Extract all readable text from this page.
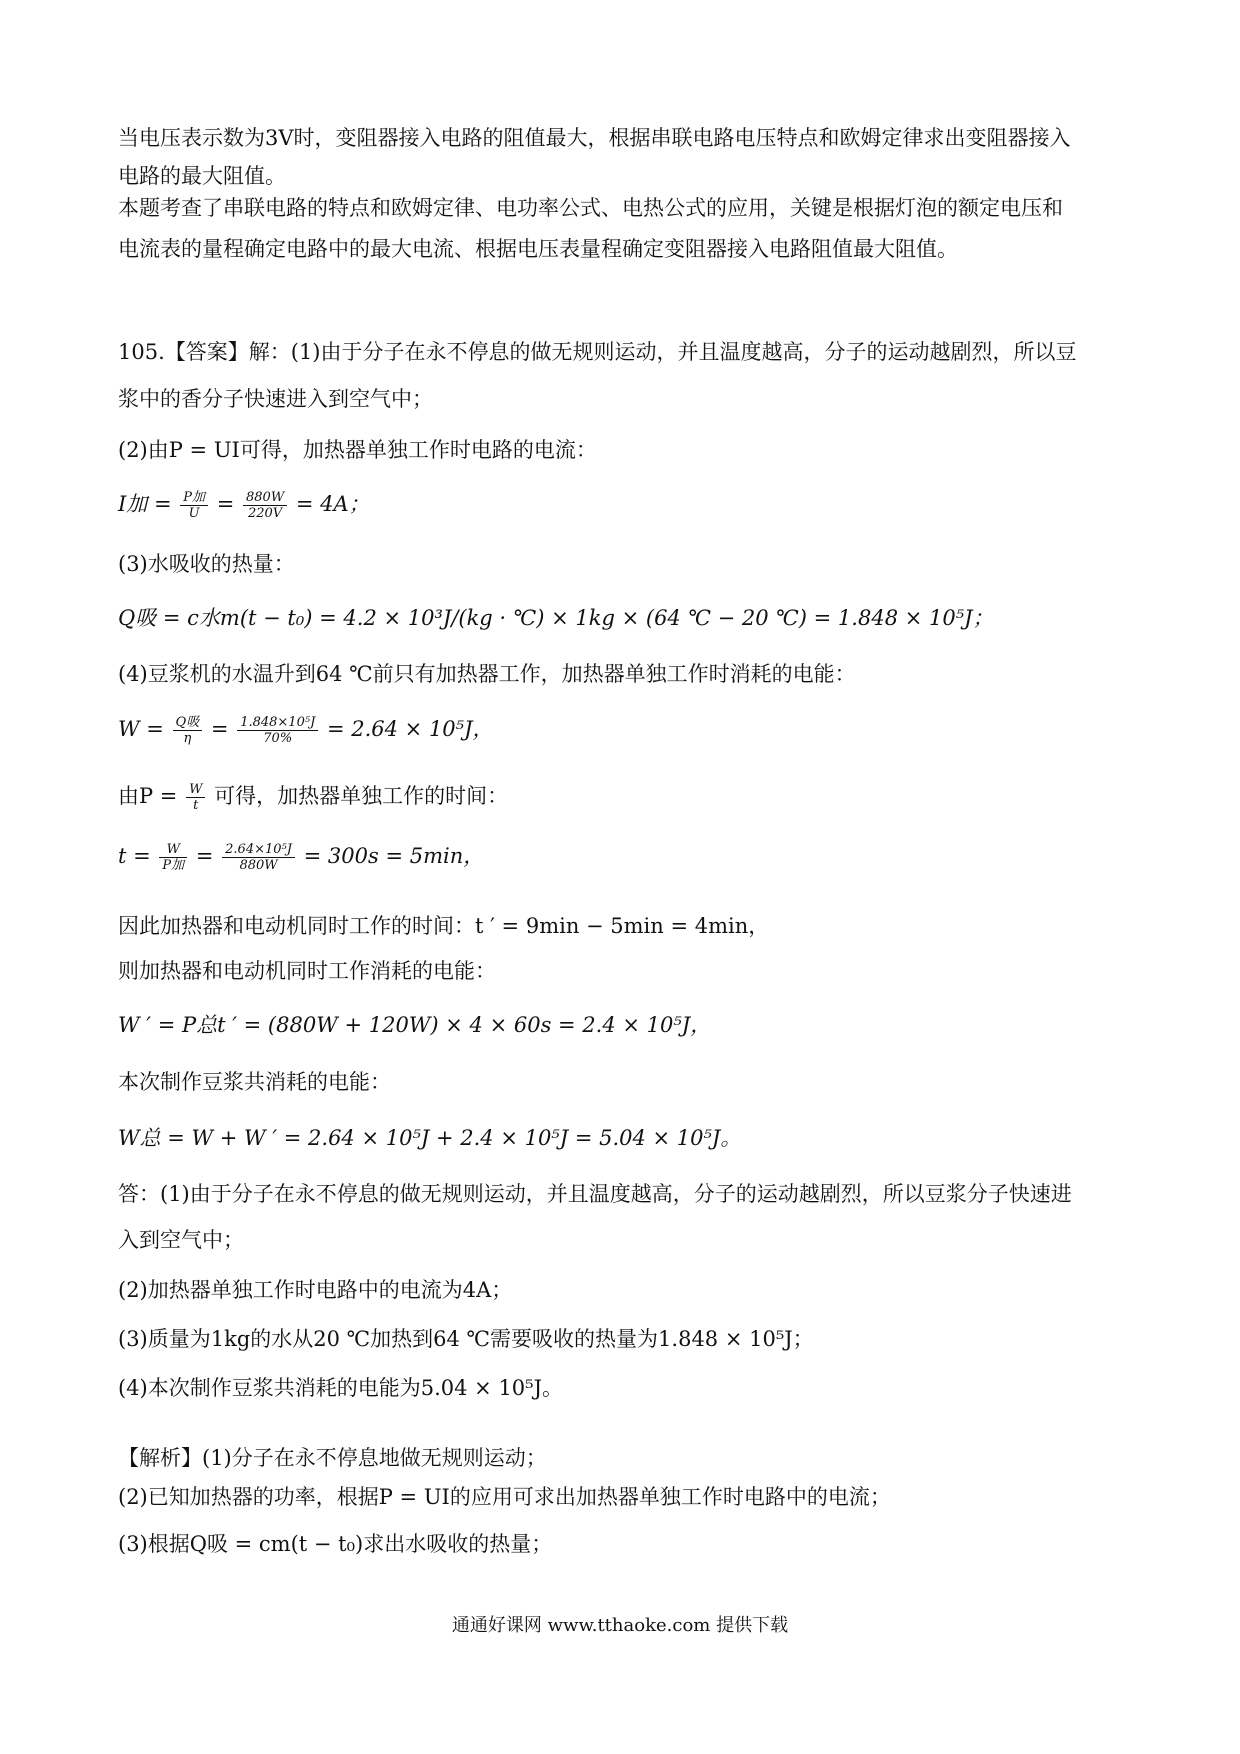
当电压表示数为3V时，变阻器接入电路的阻值最大，根据串联电路电压特点和欧姆定律求出变阻器接入
电路的最大阻值。
本题考查了串联电路的特点和欧姆定律、电功率公式、电热公式的应用，关键是根据灯泡的额定电压和
电流表的量程确定电路中的最大电流、根据电压表量程确定变阻器接入电路阻值最大阻值。
105.【答案】解：(1)由于分子在永不停息的做无规则运动，并且温度越高，分子的运动越剧烈，所以豆
浆中的香分子快速进入到空气中；
(2)由P = UI可得，加热器单独工作时电路的电流：
I加 = $\frac{\text{P加}}{U} = \frac{880W}{220V} = 4A$；
(3)水吸收的热量：
Q吸 = c水m(t − t₀) = 4.2 × 10³J/(kg · ℃) × 1kg × (64 ℃ − 20 ℃) = 1.848 × 10⁵J；
(4)豆浆机的水温升到64 ℃前只有加热器工作，加热器单独工作时消耗的电能：
$W = \frac{\text{Q吸}}{\eta} = \frac{\text{1.848×10⁵J}}{70\%} = 2.64 \times 10^5J$，
由$P = \frac{W}{t}$ 可得，加热器单独工作的时间：
$t = \frac{W}{\text{P加}} = \frac{\text{2.64×10⁵J}}{880W} = 300s = 5\min$，
因此加热器和电动机同时工作的时间：t ′ = 9min − 5min = 4min，
则加热器和电动机同时工作消耗的电能：
W ′ = P总t ′ = (880W + 120W) × 4 × 60s = 2.4 × 10⁵J，
本次制作豆浆共消耗的电能：
W总 = W + W ′ = 2.64 × 10⁵J + 2.4 × 10⁵J = 5.04 × 10⁵J。
答：(1)由于分子在永不停息的做无规则运动，并且温度越高，分子的运动越剧烈，所以豆浆分子快速进
入到空气中；
(2)加热器单独工作时电路中的电流为4A；
(3)质量为1kg的水从20 ℃加热到64 ℃需要吸收的热量为1.848 × 10⁵J；
(4)本次制作豆浆共消耗的电能为5.04 × 10⁵J。
【解析】(1)分子在永不停息地做无规则运动；
(2)已知加热器的功率，根据P = UI的应用可求出加热器单独工作时电路中的电流；
(3)根据Q吸 = cm(t − t₀)求出水吸收的热量；
通通好课网 www.tthaoke.com 提供下载
